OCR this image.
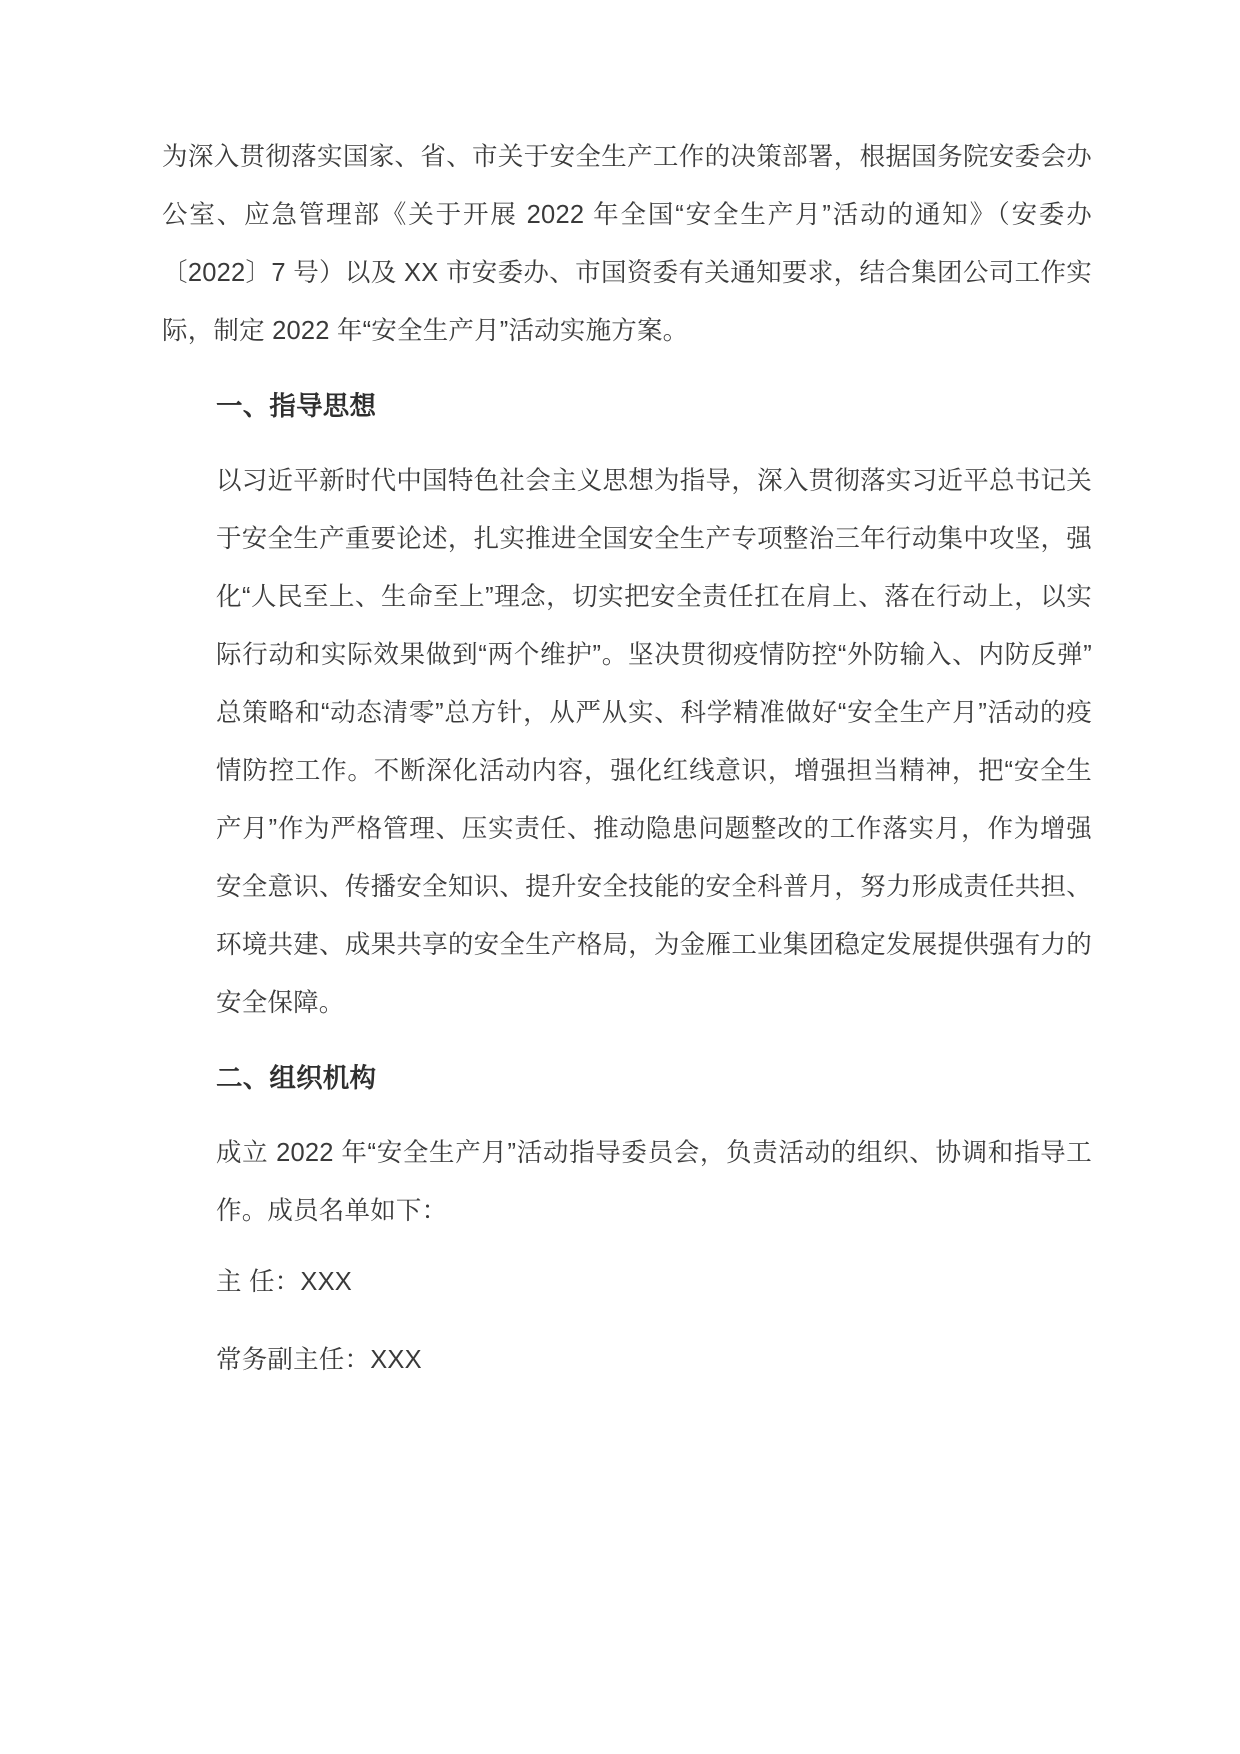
为深入贯彻落实国家、省、市关于安全生产工作的决策部署，根据国务院安委会办公室、应急管理部《关于开展 2022 年全国“安全生产月”活动的通知》（安委办〔2022〕7 号）以及 XX 市安委办、市国资委有关通知要求，结合集团公司工作实际，制定 2022 年“安全生产月”活动实施方案。

一、指导思想

以习近平新时代中国特色社会主义思想为指导，深入贯彻落实习近平总书记关于安全生产重要论述，扎实推进全国安全生产专项整治三年行动集中攻坚，强化“人民至上、生命至上”理念，切实把安全责任扛在肩上、落在行动上，以实际行动和实际效果做到“两个维护”。坚决贯彻疫情防控“外防输入、内防反弹”总策略和“动态清零”总方针，从严从实、科学精准做好“安全生产月”活动的疫情防控工作。不断深化活动内容，强化红线意识，增强担当精神，把“安全生产月”作为严格管理、压实责任、推动隐患问题整改的工作落实月，作为增强安全意识、传播安全知识、提升安全技能的安全科普月，努力形成责任共担、环境共建、成果共享的安全生产格局，为金雁工业集团稳定发展提供强有力的安全保障。

二、组织机构

成立 2022 年“安全生产月”活动指导委员会，负责活动的组织、协调和指导工作。成员名单如下：

主 任：XXX

常务副主任：XXX
